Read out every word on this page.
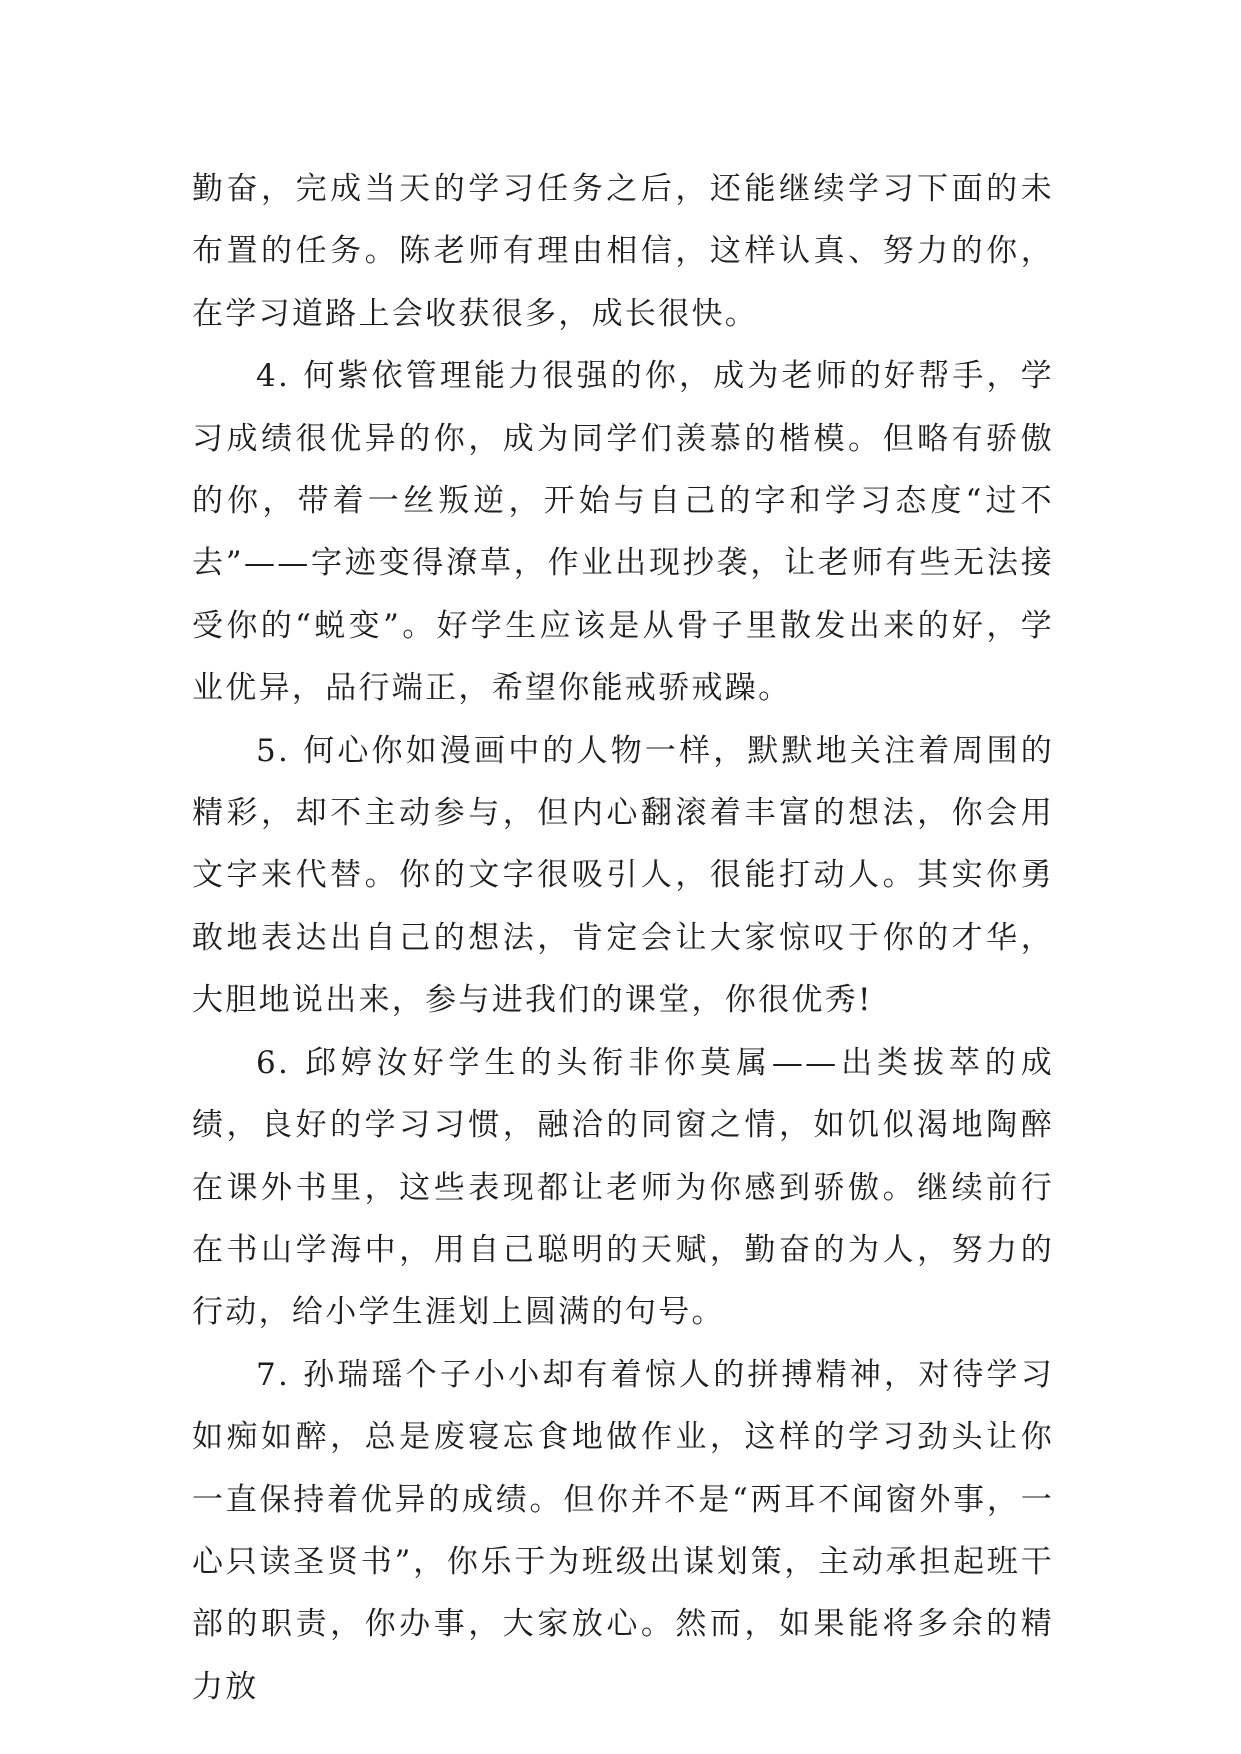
勤奋，完成当天的学习任务之后，还能继续学习下面的未布置的任务。陈老师有理由相信，这样认真、努力的你，在学习道路上会收获很多，成长很快。

4. 何紫依管理能力很强的你，成为老师的好帮手，学习成绩很优异的你，成为同学们羡慕的楷模。但略有骄傲的你，带着一丝叛逆，开始与自己的字和学习态度“过不去”——字迹变得潦草，作业出现抄袭，让老师有些无法接受你的“蜕变”。好学生应该是从骨子里散发出来的好，学业优异，品行端正，希望你能戒骄戒躁。

5. 何心你如漫画中的人物一样，默默地关注着周围的精彩，却不主动参与，但内心翻滚着丰富的想法，你会用文字来代替。你的文字很吸引人，很能打动人。其实你勇敢地表达出自己的想法，肯定会让大家惊叹于你的才华，大胆地说出来，参与进我们的课堂，你很优秀!

6. 邱婷汝好学生的头衔非你莫属——出类拔萃的成绩，良好的学习习惯，融洽的同窗之情，如饥似渴地陶醉在课外书里，这些表现都让老师为你感到骄傲。继续前行在书山学海中，用自己聪明的天赋，勤奋的为人，努力的行动，给小学生涯划上圆满的句号。

7. 孙瑞瑶个子小小却有着惊人的拼搏精神，对待学习如痴如醉，总是废寝忘食地做作业，这样的学习劲头让你一直保持着优异的成绩。但你并不是“两耳不闻窗外事，一心只读圣贤书”，你乐于为班级出谋划策，主动承担起班干部的职责，你办事，大家放心。然而，如果能将多余的精力放
